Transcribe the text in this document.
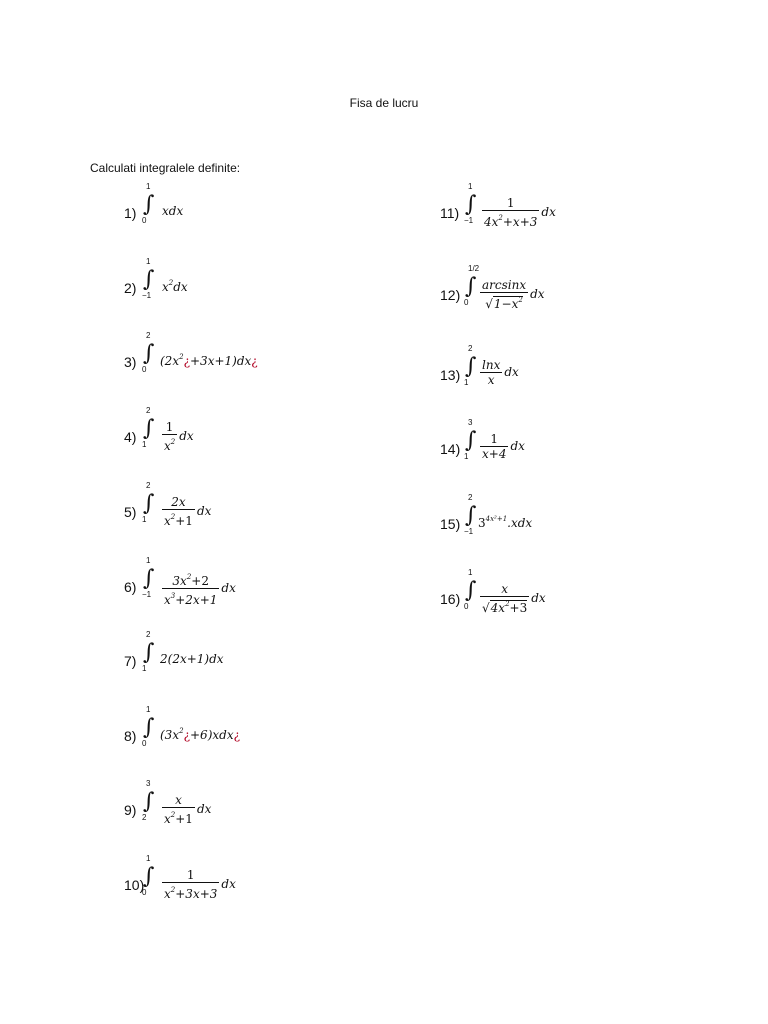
Fisa de lucru
Calculati integralele definite:
1) ∫
1
0
xdx
2) ∫
1
−1
$x^2dx$
3) ∫
2
0
$(2x^2¿+3x+1)dx¿$
4) ∫
2
$1 \frac{1}{x^2}$ dx
5) ∫
2
$1 \frac{2x}{x^2+1}$ dx
6) ∫
1
$-1 \frac{3x^2+2}{x^3+2x+1}$ dx
7) ∫
2
1
2(2x+1)dx
8) ∫
1
0
$(3x^2¿+6)xdx¿$
9) ∫
3
$2 \frac{x}{x^2+1}$ dx
10)
∫
1
$0 \frac{1}{x^2+3x+3}$ dx
11) ∫
1
$-1 \frac{1}{4x^2+x+3}$ dx
12) ∫
1/2
$0 \frac{\arcsin x}{√1-x^2}$ dx
13) ∫
2
$1 \frac{\ln x}{x}$ dx
14) ∫
3
$1 \frac{1}{x+4}$ dx
15) ∫
2
−1
$3^{4x^2+1}.xdx$
16) ∫
1
$0 \frac{x}{√4x^2+3}$ dx
